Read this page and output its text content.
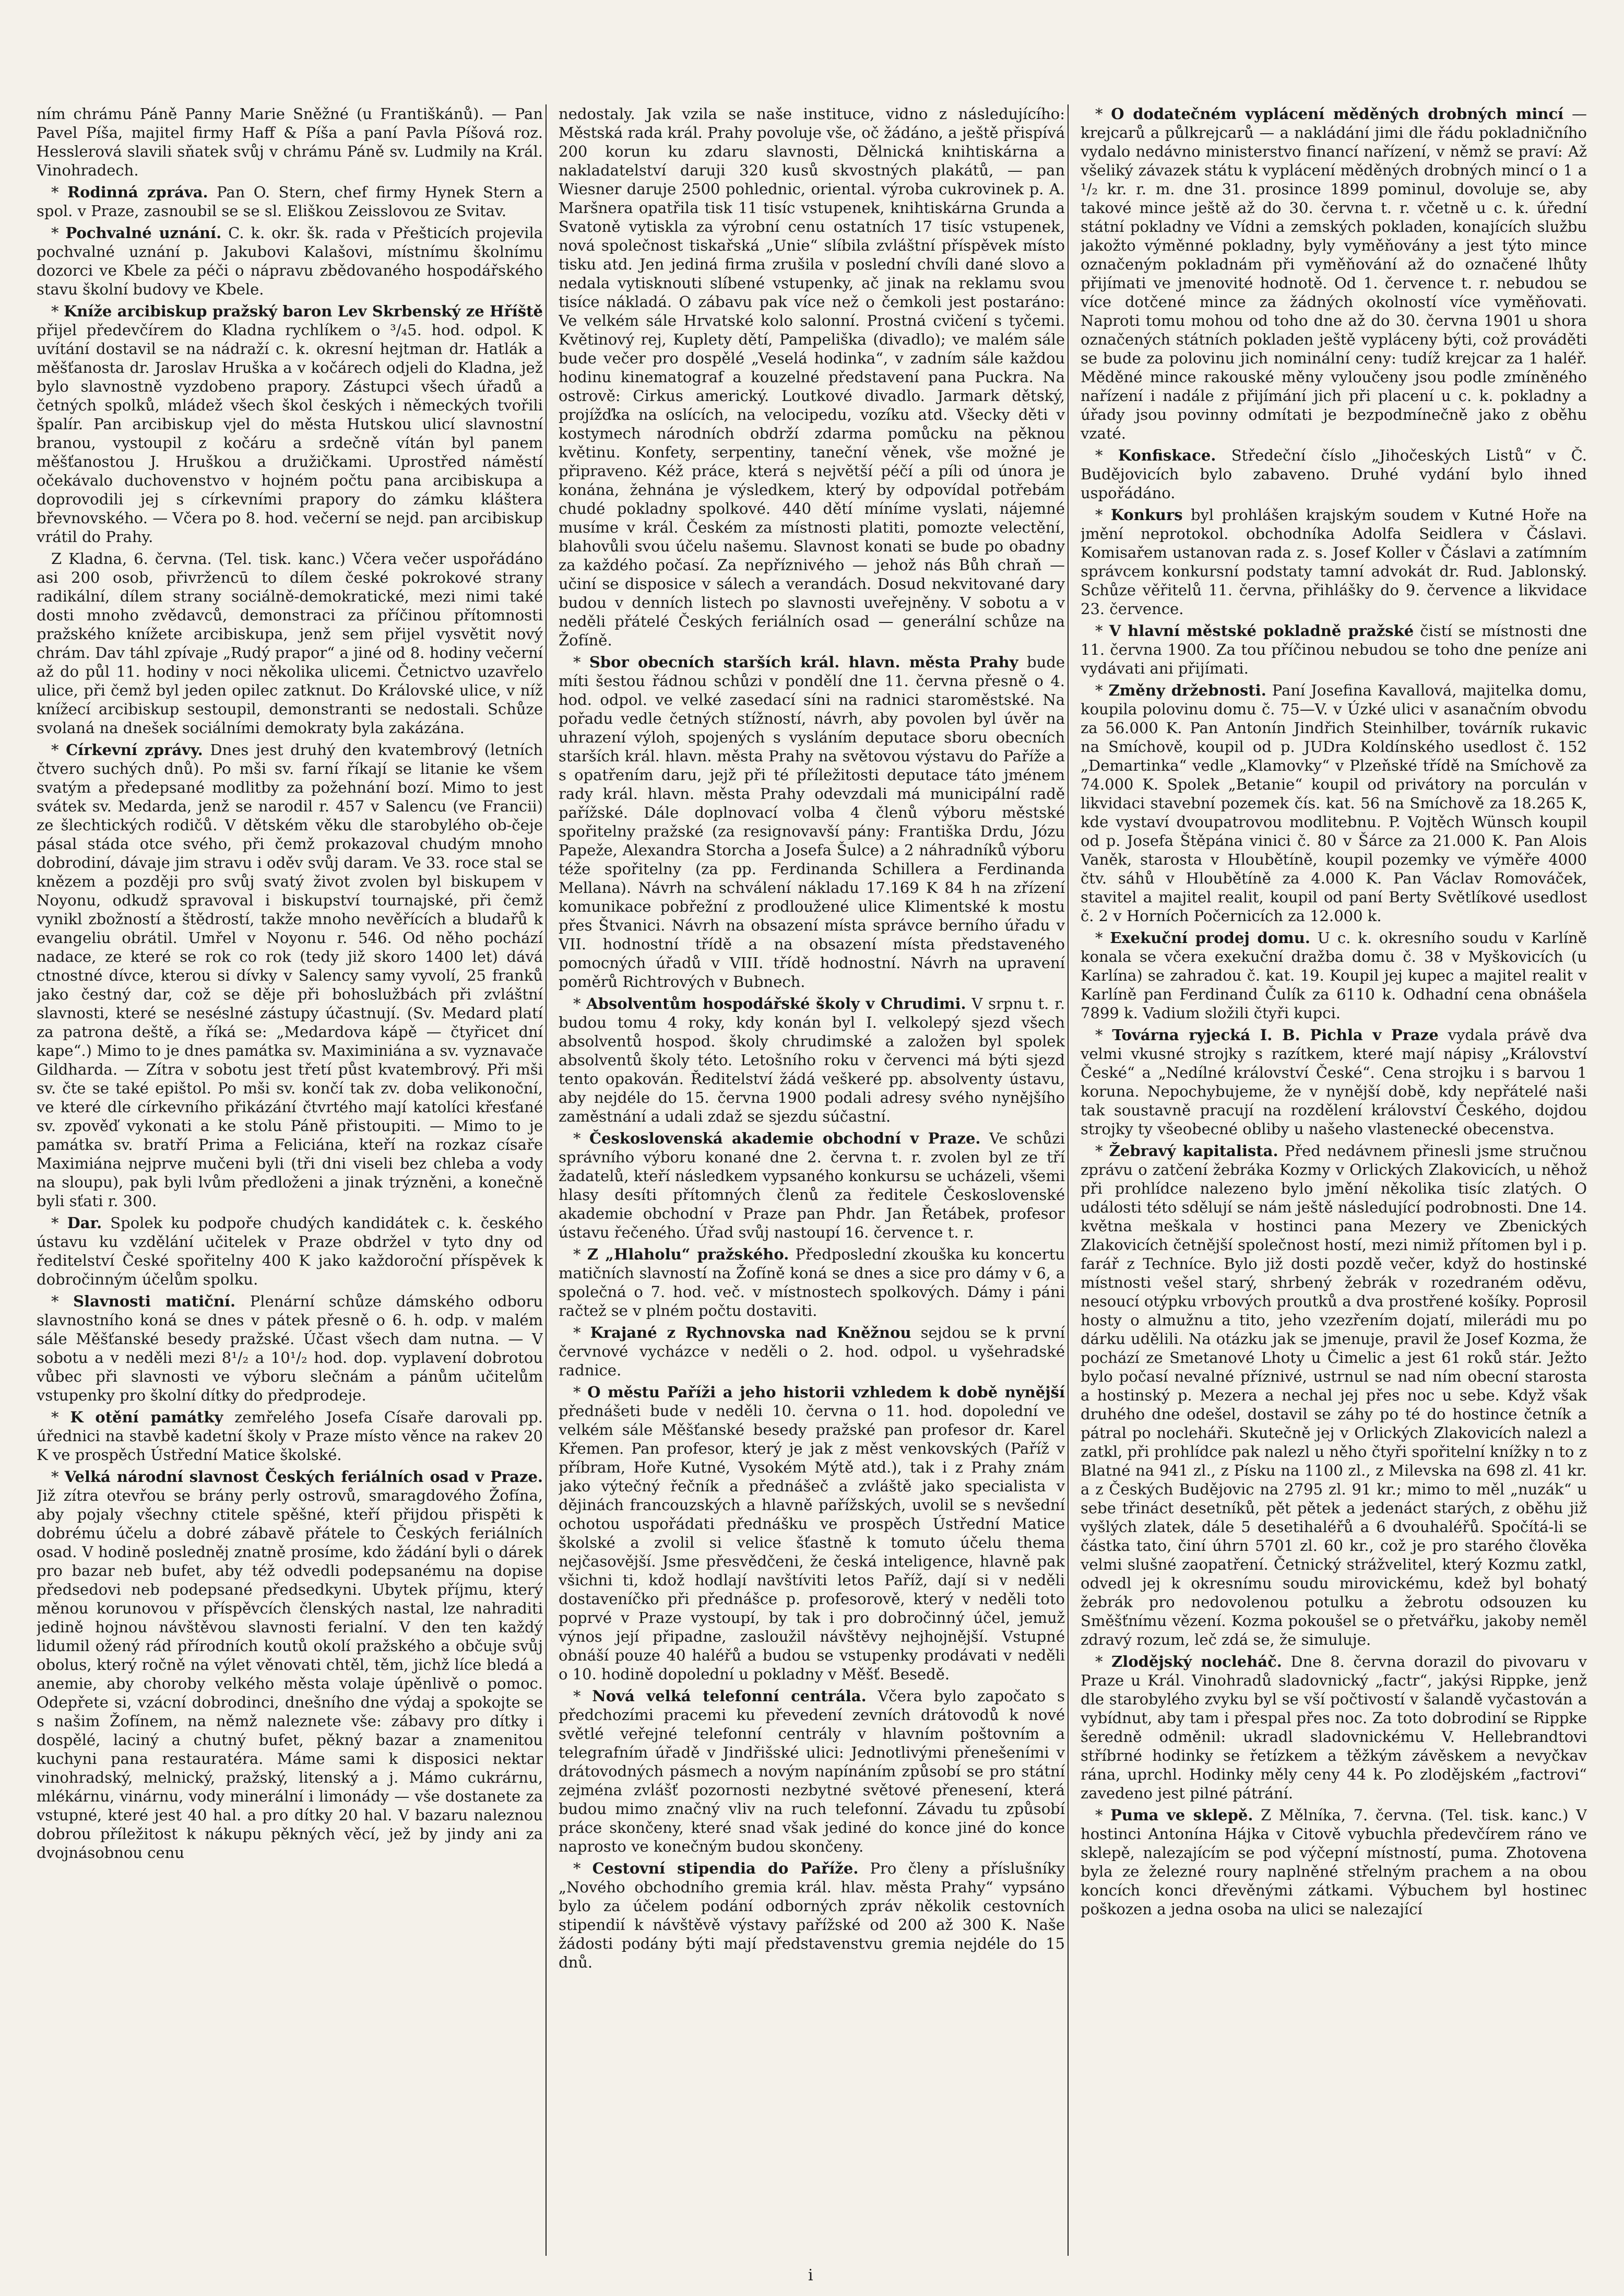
ním chrámu Páně Panny Marie Sněžné (u Františkánů). — Pan Pavel Píša, majitel firmy Haff & Píša a paní Pavla Píšová roz. Hesslerová slavili sňatek svůj v chrámu Páně sv. Ludmily na Král. Vinohradech.

* Rodinná zpráva. Pan O. Stern, chef firmy Hynek Stern a spol. v Praze, zasnoubil se se sl. Eliškou Zeisslovou ze Svitav.

* Pochvalné uznání. C. k. okr. šk. rada v Přešticích projevila pochvalné uznání p. Jakubovi Kalašovi, místnímu školnímu dozorci ve Kbele za péči o nápravu zbědovaného hospodářského stavu školní budovy ve Kbele.

* Kníže arcibiskup pražský baron Lev Skrbenský ze Hříště přijel předevčírem do Kladna rychlíkem o ³/₄5. hod. odpol. K uvítání dostavil se na nádraží c. k. okresní hejtman dr. Hatlák a měšťanosta dr. Jaroslav Hruška a v kočárech odjeli do Kladna, jež bylo slavnostně vyzdobeno prapory. Zástupci všech úřadů a četných spolků, mládež všech škol českých i německých tvořili špalír. Pan arcibiskup vjel do města Hutskou ulicí slavnostní branou, vystoupil z kočáru a srdečně vítán byl panem měšťanostou J. Hruškou a družičkami. Uprostřed náměstí očekávalo duchovenstvo v hojném počtu pana arcibiskupa a doprovodili jej s církevními prapory do zámku kláštera břevnovského. — Včera po 8. hod. večerní se nejd. pan arcibiskup vrátil do Prahy.

Z Kladna, 6. června. (Tel. tisk. kanc.) Včera večer uspořádáno asi 200 osob, přivržencū to dílem české pokrokové strany radikální, dílem strany sociálně-demokratické, mezi nimi také dosti mnoho zvědavců, demonstraci za příčinou přítomnosti pražského knížete arcibiskupa, jenž sem přijel vysvětit nový chrám. Dav táhl zpívaje „Rudý prapor“ a jiné od 8. hodiny večerní až do půl 11. hodiny v noci několika ulicemi. Četnictvo uzavřelo ulice, při čemž byl jeden opilec zatknut. Do Královské ulice, v níž knížecí arcibiskup sestoupil, demonstranti se nedostali. Schůze svolaná na dnešek sociálními demokraty byla zakázána.

* Církevní zprávy. Dnes jest druhý den kvatembrový (letních čtvero suchých dnů). Po mši sv. farní říkají se litanie ke všem svatým a předepsané modlitby za požehnání bozí. Mimo to jest svátek sv. Medarda, jenž se narodil r. 457 v Salencu (ve Francii) ze šlechtických rodičů. V dětském věku dle starobylého ob-čeje pásal stáda otce svého, při čemž prokazoval chudým mnoho dobrodiní, dávaje jim stravu i oděv svůj daram. Ve 33. roce stal se knězem a později pro svůj svatý život zvolen byl biskupem v Noyonu, odkudž spravoval i biskupství tournajské, při čemž vynikl zbožností a štědrostí, takže mnoho nevěřících a bludařů k evangeliu obrátil. Umřel v Noyonu r. 546. Od něho pochází nadace, ze které se rok co rok (tedy již skoro 1400 let) dává ctnostné dívce, kterou si dívky v Salency samy vyvolí, 25 franků jako čestný dar, což se děje při bohoslužbách při zvláštní slavnosti, které se neséslné zástupy účastnují. (Sv. Medard platí za patrona deště, a říká se: „Medardova kápě — čtyřicet dní kape“.) Mimo to je dnes památka sv. Maximiniána a sv. vyznavače Gildharda. — Zítra v sobotu jest třetí půst kvatembrový. Při mši sv. čte se také epištol. Po mši sv. končí tak zv. doba velikonoční, ve které dle církevního přikázání čtvrtého mají katolíci křesťané sv. zpověď vykonati a ke stolu Páně přistoupiti. — Mimo to je památka sv. bratří Prima a Feliciána, kteří na rozkaz císaře Maximiána nejprve mučeni byli (tři dni viseli bez chleba a vody na sloupu), pak byli lvům předloženi a jinak trýzněni, a konečně byli sťati r. 300.

* Dar. Spolek ku podpoře chudých kandidátek c. k. českého ústavu ku vzdělání učitelek v Praze obdržel v tyto dny od ředitelství České spořitelny 400 K jako každoroční příspěvek k dobročinným účelům spolku.

* Slavnosti matiční. Plenární schůze dámského odboru slavnostního koná se dnes v pátek přesně o 6. h. odp. v malém sále Měšťanské besedy pražské. Účast všech dam nutna. — V sobotu a v neděli mezi 8¹/₂ a 10¹/₂ hod. dop. vyplavení dobrotou vůbec při slavnosti ve výboru slečnám a pánům učitelům vstupenky pro školní dítky do předprodeje.

* K otění památky zemřelého Josefa Císaře darovali pp. úřednici na stavbě kadetní školy v Praze místo věnce na rakev 20 K ve prospěch Ústřední Matice školské.

* Velká národní slavnost Českých feriálních osad v Praze. Již zítra otevřou se brány perly ostrovů, smaragdového Žofína, aby pojaly všechny ctitele spěšné, kteří přijdou přispěti k dobrému účelu a dobré zábavě přátele to Českých feriálních osad. V hodině posledněj znatně prosíme, kdo žádání byli o dárek pro bazar neb bufet, aby též odvedli podepsanému na dopise předsedovi neb podepsané předsedkyni. Ubytek příjmu, který měnou korunovou v příspěvcích členských nastal, lze nahraditi jedině hojnou návštěvou slavnosti ferialní. V den ten každý lidumil ožený rád přírodních koutů okolí pražského a občuje svůj obolus, který ročně na výlet věnovati chtěl, těm, jichž líce bledá a anemie, aby choroby velkého města volaje úpěnlivě o pomoc. Odepřete si, vzácní dobrodinci, dnešního dne výdaj a spokojte se s našim Žofínem, na němž naleznete vše: zábavy pro dítky i dospělé, laciný a chutný bufet, pěkný bazar a znamenitou kuchyni pana restauratéra. Máme sami k disposici nektar vinohradský, melnický, pražský, litenský a j. Mámo cukrárnu, mlékárnu, vinárnu, vody minerální i limonády — vše dostanete za vstupné, které jest 40 hal. a pro dítky 20 hal. V bazaru naleznou dobrou příležitost k nákupu pěkných věcí, jež by jindy ani za dvojnásobnou cenu

nedostaly. Jak vzila se naše instituce, vidno z následujícího: Městská rada král. Prahy povoluje vše, oč žádáno, a ještě přispívá 200 korun ku zdaru slavnosti, Dělnická knihtiskárna a nakladatelství daruji 320 kusů skvostných plakátů, — pan Wiesner daruje 2500 pohlednic, oriental. výroba cukrovinek p. A. Maršnera opatřila tisk 11 tisíc vstupenek, knihtiskárna Grunda a Svatoně vytiskla za výrobní cenu ostatních 17 tisíc vstupenek, nová společnost tiskařská „Unie“ slíbila zvláštní příspěvek místo tisku atd. Jen jediná firma zrušila v poslední chvíli dané slovo a nedala vytisknouti slíbené vstupenky, ač jinak na reklamu svou tisíce nákladá. O zábavu pak více než o čemkoli jest postaráno: Ve velkém sále Hrvatské kolo salonní. Prostná cvičení s tyčemi. Květinový rej, Kuplety dětí, Pampeliška (divadlo); ve malém sále bude večer pro dospělé „Veselá hodinka“, v zadním sále každou hodinu kinematograf a kouzelné představení pana Puckra. Na ostrově: Cirkus americký. Loutkové divadlo. Jarmark dětský, projížďka na oslících, na velocipedu, vozíku atd. Všecky děti v kostymech národních obdrží zdarma pomůcku na pěknou květinu. Konfety, serpentiny, taneční věnek, vše možné je připraveno. Kéž práce, která s největší péčí a píli od února je konána, žehnána je výsledkem, který by odpovídal potřebám chudé pokladny spolkové. 440 dětí míníme vyslati, nájemné musíme v král. Českém za místnosti platiti, pomozte velectění, blahovůli svou účelu našemu. Slavnost konati se bude po obadny za každého počasí. Za nepříznivého — jehož nás Bůh chraň — učiní se disposice v sálech a verandách. Dosud nekvitované dary budou v denních listech po slavnosti uveřejněny. V sobotu a v neděli přátelé Českých feriálních osad — generální schůze na Žofíně.

* Sbor obecních starších král. hlavn. města Prahy bude míti šestou řádnou schůzi v pondělí dne 11. června přesně o 4. hod. odpol. ve velké zasedací síni na radnici staroměstské. Na pořadu vedle četných stížností, návrh, aby povolen byl úvěr na uhrazení výloh, spojených s vysláním deputace sboru obecních starších král. hlavn. města Prahy na světovou výstavu do Paříže a s opatřením daru, jejž při té příležitosti deputace táto jménem rady král. hlavn. města Prahy odevzdali má municipální radě pařížské. Dále doplnovací volba 4 členů výboru městské spořitelny pražské (za resignovavší pány: Františka Drdu, Józu Papeže, Alexandra Storcha a Josefa Šulce) a 2 náhradníků výboru téže spořitelny (za pp. Ferdinanda Schillera a Ferdinanda Mellana). Návrh na schválení nákladu 17.169 K 84 h na zřízení komunikace pobřežní z prodloužené ulice Klimentské k mostu přes Štvanici. Návrh na obsazení místa správce berního úřadu v VII. hodnostní třídě a na obsazení místa představeného pomocných úřadů v VIII. třídě hodnostní. Návrh na upravení poměrů Richtrových v Bubnech.

* Absolventům hospodářské školy v Chrudimi. V srpnu t. r. budou tomu 4 roky, kdy konán byl I. velkolepý sjezd všech absolventů hospod. školy chrudimské a založen byl spolek absolventů školy této. Letošního roku v červenci má býti sjezd tento opakován. Ředitelství žádá veškeré pp. absolventy ústavu, aby nejdéle do 15. června 1900 podali adresy svého nynějšího zaměstnání a udali zdaž se sjezdu súčastní.

* Československá akademie obchodní v Praze. Ve schůzi správního výboru konané dne 2. června t. r. zvolen byl ze tří žadatelů, kteří následkem vypsaného konkursu se ucházeli, všemi hlasy desíti přítomných členů za ředitele Československé akademie obchodní v Praze pan Phdr. Jan Řetábek, profesor ústavu řečeného. Úřad svůj nastoupí 16. července t. r.

* Z „Hlaholu“ pražského. Předposlední zkouška ku koncertu matičních slavností na Žofíně koná se dnes a sice pro dámy v 6, a společná o 7. hod. več. v místnostech spolkových. Dámy i páni račtež se v plném počtu dostaviti.

* Krajané z Rychnovska nad Kněžnou sejdou se k první červnové vycházce v neděli o 2. hod. odpol. u vyšehradské radnice.

* O městu Paříži a jeho historii vzhledem k době nynější přednášeti bude v neděli 10. června o 11. hod. dopolední ve velkém sále Měšťanské besedy pražské pan profesor dr. Karel Křemen. Pan profesor, který je jak z měst venkovských (Paříž v příbram, Hoře Kutné, Vysokém Mýtě atd.), tak i z Prahy znám jako výtečný řečník a přednášeč a zvláště jako specialista v dějinách francouzských a hlavně pařížských, uvolil se s nevšední ochotou uspořádati přednášku ve prospěch Ústřední Matice školské a zvolil si velice šťastně k tomuto účelu thema nejčasovější. Jsme přesvědčeni, že česká inteligence, hlavně pak všichni ti, kdož hodlají navštíviti letos Paříž, dají si v neděli dostaveníčko při přednášce p. profesorově, který v neděli toto poprvé v Praze vystoupí, by tak i pro dobročinný účel, jemuž výnos její připadne, zasloužil návštěvy nejhojnější. Vstupné obnáší pouze 40 haléřů a budou se vstupenky prodávati v neděli o 10. hodině dopolední u pokladny v Měšť. Besedě.

* Nová velká telefonní centrála. Včera bylo započato s předchozími pracemi ku převedení zevních drátovodů k nové světlé veřejné telefonní centrály v hlavním poštovním a telegrafním úřadě v Jindřišské ulici: Jednotlivými přenešeními v drátovodných pásmech a novým napínáním způsobí se pro státní zejména zvlášť pozornosti nezbytné světové přenesení, která budou mimo značný vliv na ruch telefonní. Závadu tu způsobí práce skončeny, které snad však jediné do konce jiné do konce naprosto ve konečným budou skončeny.

* Cestovní stipendia do Paříže. Pro členy a příslušníky „Nového obchodního gremia král. hlav. města Prahy“ vypsáno bylo za účelem podání odborných zpráv několik cestovních stipendií k návštěvě výstavy pařížské od 200 až 300 K. Naše žádosti podány býti mají představenstvu gremia nejdéle do 15 dnů.

* O dodatečném vyplácení měděných drobných mincí — krejcarů a půlkrejcarů — a nakládání jimi dle řádu pokladničního vydalo nedávno ministerstvo financí nařízení, v němž se praví: Až všeliký závazek státu k vyplácení měděných drobných mincí o 1 a ¹/₂ kr. r. m. dne 31. prosince 1899 pominul, dovoluje se, aby takové mince ještě až do 30. června t. r. včetně u c. k. úřední státní pokladny ve Vídni a zemských pokladen, konajících službu jakožto výměnné pokladny, byly vyměňovány a jest týto mince označeným pokladnám při vyměňování až do označené lhůty přijímati ve jmenovité hodnotě. Od 1. července t. r. nebudou se více dotčené mince za žádných okolností více vyměňovati. Naproti tomu mohou od toho dne až do 30. června 1901 u shora označených státních pokladen ještě vypláceny býti, což prováděti se bude za polovinu jich nominální ceny: tudíž krejcar za 1 haléř. Měděné mince rakouské měny vyloučeny jsou podle zmíněného nařízení i nadále z přijímání jich při placení u c. k. pokladny a úřady jsou povinny odmítati je bezpodmínečně jako z oběhu vzaté.

* Konfiskace. Středeční číslo „Jihočeských Listů“ v Č. Budějovicích bylo zabaveno. Druhé vydání bylo ihned uspořádáno.

* Konkurs byl prohlášen krajským soudem v Kutné Hoře na jmění neprotokol. obchodníka Adolfa Seidlera v Čáslavi. Komisařem ustanovan rada z. s. Josef Koller v Čáslavi a zatímním správcem konkursní podstaty tamní advokát dr. Rud. Jablonský. Schůze věřitelů 11. června, přihlášky do 9. července a likvidace 23. července.

* V hlavní městské pokladně pražské čistí se místnosti dne 11. června 1900. Za tou příčinou nebudou se toho dne peníze ani vydávati ani přijímati.

* Změny držebnosti. Paní Josefina Kavallová, majitelka domu, koupila polovinu domu č. 75—V. v Úzké ulici v asanačním obvodu za 56.000 K. Pan Antonín Jindřich Steinhilber, továrník rukavic na Smíchově, koupil od p. JUDra Koldínského usedlost č. 152 „Demartinka“ vedle „Klamovky“ v Plzeňské třídě na Smíchově za 74.000 K. Spolek „Betanie“ koupil od privátory na porculán v likvidaci stavební pozemek čís. kat. 56 na Smíchově za 18.265 K, kde vystaví dvoupatrovou modlitebnu. P. Vojtěch Wünsch koupil od p. Josefa Štěpána vinici č. 80 v Šárce za 21.000 K. Pan Alois Vaněk, starosta v Hloubětíně, koupil pozemky ve výměře 4000 čtv. sáhů v Hloubětíně za 4.000 K. Pan Václav Romováček, stavitel a majitel realit, koupil od paní Berty Světlíkové usedlost č. 2 v Horních Počernicích za 12.000 k.

* Exekuční prodej domu. U c. k. okresního soudu v Karlíně konala se včera exekuční dražba domu č. 38 v Myškovicích (u Karlína) se zahradou č. kat. 19. Koupil jej kupec a majitel realit v Karlíně pan Ferdinand Čulík za 6110 k. Odhadní cena obnášela 7899 k. Vadium složili čtyři kupci.

* Továrna ryjecká I. B. Pichla v Praze vydala právě dva velmi vkusné strojky s razítkem, které mají nápisy „Království České“ a „Nedílné království České“. Cena strojku i s barvou 1 koruna. Nepochybujeme, že v nynější době, kdy nepřátelé naši tak soustavně pracují na rozdělení království Českého, dojdou strojky ty všeobecné obliby u našeho vlastenecké obecenstva.

* Žebravý kapitalista. Před nedávnem přinesli jsme stručnou zprávu o zatčení žebráka Kozmy v Orlických Zlakovicích, u něhož při prohlídce nalezeno bylo jmění několika tisíc zlatých. O události této sdělují se nám ještě následující podrobnosti. Dne 14. května meškala v hostinci pana Mezery ve Zbenických Zlakovicích četnější společnost hostí, mezi nimiž přítomen byl i p. farář z Techníce. Bylo již dosti pozdě večer, když do hostinské místnosti vešel starý, shrbený žebrák v rozedraném oděvu, nesoucí otýpku vrbových proutků a dva prostřené košíky. Poprosil hosty o almužnu a tito, jeho vzezřením dojatí, milerádi mu po dárku udělili. Na otázku jak se jmenuje, pravil že Josef Kozma, že pochází ze Smetanové Lhoty u Čimelic a jest 61 roků stár. Ježto bylo počasí nevalné příznivé, ustrnul se nad ním obecní starosta a hostinský p. Mezera a nechal jej přes noc u sebe. Když však druhého dne odešel, dostavil se záhy po té do hostince četník a pátral po nocleháři. Skutečně jej v Orlických Zlakovicích nalezl a zatkl, při prohlídce pak nalezl u něho čtyři spořitelní knížky n to z Blatné na 941 zl., z Písku na 1100 zl., z Milevska na 698 zl. 41 kr. a z Českých Budějovic na 2795 zl. 91 kr.; mimo to měl „nuzák“ u sebe třináct desetníků, pět pětek a jedenáct starých, z oběhu již vyšlých zlatek, dále 5 desetihaléřů a 6 dvouhaléřů. Spočítá-li se částka tato, činí úhrn 5701 zl. 60 kr., což je pro starého člověka velmi slušné zaopatření. Četnický strážvelitel, který Kozmu zatkl, odvedl jej k okresnímu soudu mirovickému, kdež byl bohatý žebrák pro nedovolenou potulku a žebrotu odsouzen ku Směšťnímu vězení. Kozma pokoušel se o přetvářku, jakoby neměl zdravý rozum, leč zdá se, že simuluje.

* Zlodějský nocleháč. Dne 8. června dorazil do pivovaru v Praze u Král. Vinohradů sladovnický „factr“, jakýsi Rippke, jenž dle starobylého zvyku byl se vší počtivostí v šalandě vyčastován a vybídnut, aby tam i přespal přes noc. Za toto dobrodiní se Rippke šeredně odměnil: ukradl sladovnickému V. Hellebrandtovi stříbrné hodinky se řetízkem a těžkým závěskem a nevyčkav rána, uprchl. Hodinky měly ceny 44 k. Po zlodějském „factrovi“ zavedeno jest pilné pátrání.

* Puma ve sklepě. Z Mělníka, 7. června. (Tel. tisk. kanc.) V hostinci Antonína Hájka v Citově vybuchla předevčírem ráno ve sklepě, nalezajícím se pod výčepní místností, puma. Zhotovena byla ze železné roury naplněné střelným prachem a na obou koncích konci dřevěnými zátkami. Výbuchem byl hostinec poškozen a jedna osoba na ulici se nalezající

i
